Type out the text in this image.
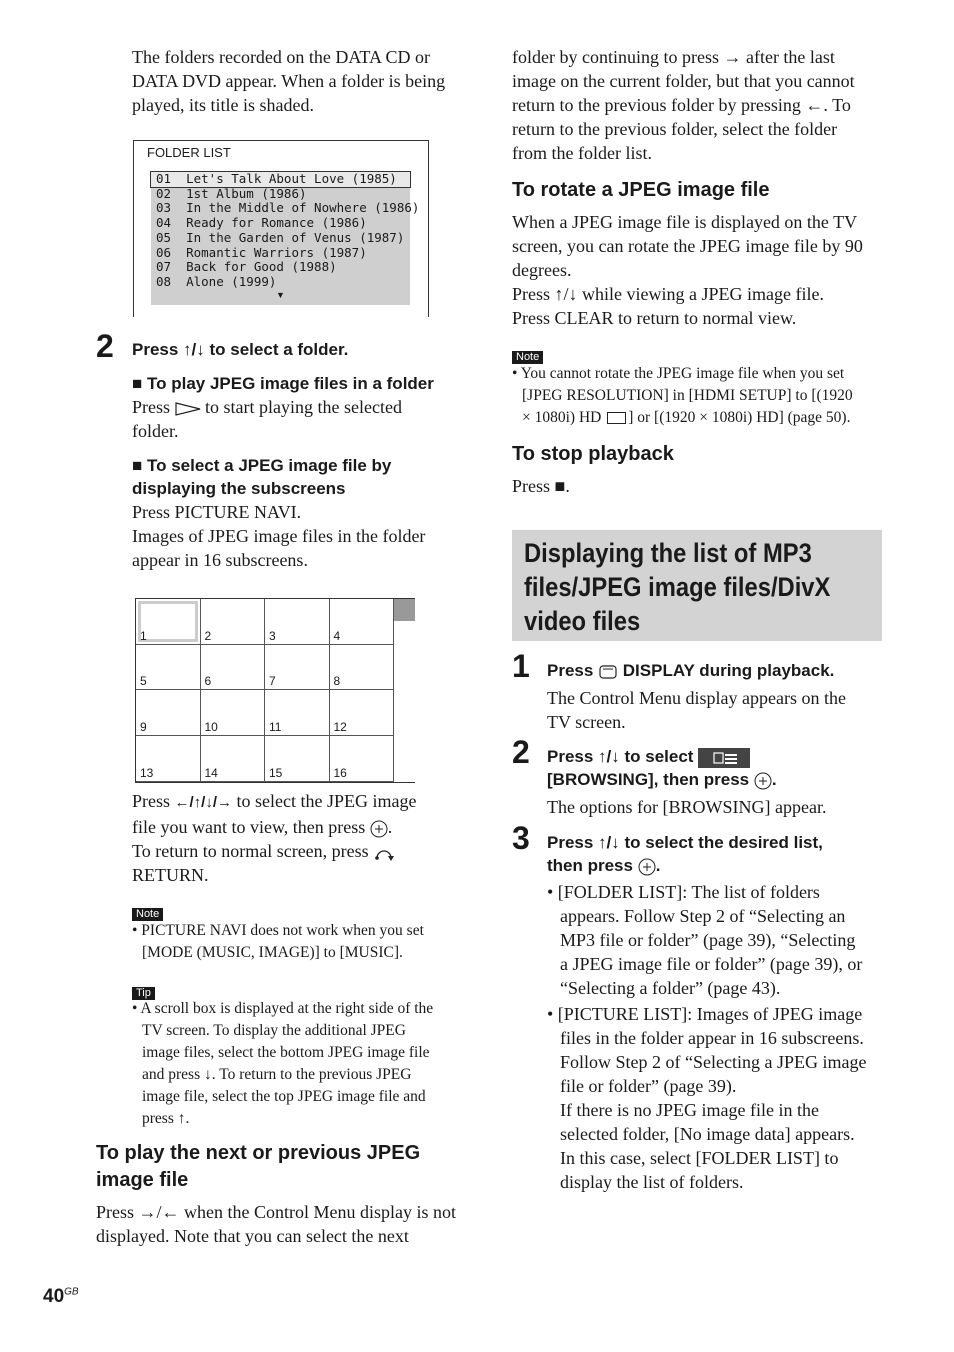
The folders recorded on the DATA CD or
DATA DVD appear. When a folder is being
played, its title is shaded.
FOLDER LIST
01  Let's Talk About Love (1985)
02  1st Album (1986)
03  In the Middle of Nowhere (1986)
04  Ready for Romance (1986)
05  In the Garden of Venus (1987)
06  Romantic Warriors (1987)
07  Back for Good (1988)
08  Alone (1999)
▼
2 Press ↑/↓ to select a folder.
■ To play JPEG image files in a folder
Press  to start playing the selected
folder.
■ To select a JPEG image file by
displaying the subscreens
Press PICTURE NAVI.
Images of JPEG image files in the folder
appear in 16 subscreens.
1	2	3	4
5	6	7	8
9	10	11	12
13	14	15	16
Press ←/↑/↓/→ to select the JPEG image
file you want to view, then press .
To return to normal screen, press
RETURN.
Note
• PICTURE NAVI does not work when you set
[MODE (MUSIC, IMAGE)] to [MUSIC].
Tip
• A scroll box is displayed at the right side of the
TV screen. To display the additional JPEG
image files, select the bottom JPEG image file
and press ↓. To return to the previous JPEG
image file, select the top JPEG image file and
press ↑.
To play the next or previous JPEG
image file
Press →/← when the Control Menu display is not
displayed. Note that you can select the next
$40^{GB}$
folder by continuing to press → after the last
image on the current folder, but that you cannot
return to the previous folder by pressing ←. To
return to the previous folder, select the folder
from the folder list.
To rotate a JPEG image file
When a JPEG image file is displayed on the TV
screen, you can rotate the JPEG image file by 90
degrees.
Press ↑/↓ while viewing a JPEG image file.
Press CLEAR to return to normal view.
Note
• You cannot rotate the JPEG image file when you set
[JPEG RESOLUTION] in [HDMI SETUP] to [(1920
× 1080i) HD ] or [(1920 × 1080i) HD] (page 50).
To stop playback
Press ■.
Displaying the list of MP3
files/JPEG image files/DivX
video files
1 Press  DISPLAY during playback.
The Control Menu display appears on the
TV screen.
2 Press ↑/↓ to select
[BROWSING], then press .
The options for [BROWSING] appear.
3 Press ↑/↓ to select the desired list,
then press .
• [FOLDER LIST]: The list of folders
appears. Follow Step 2 of “Selecting an
MP3 file or folder” (page 39), “Selecting
a JPEG image file or folder” (page 39), or
“Selecting a folder” (page 43).
• [PICTURE LIST]: Images of JPEG image
files in the folder appear in 16 subscreens.
Follow Step 2 of “Selecting a JPEG image
file or folder” (page 39).
If there is no JPEG image file in the
selected folder, [No image data] appears.
In this case, select [FOLDER LIST] to
display the list of folders.
